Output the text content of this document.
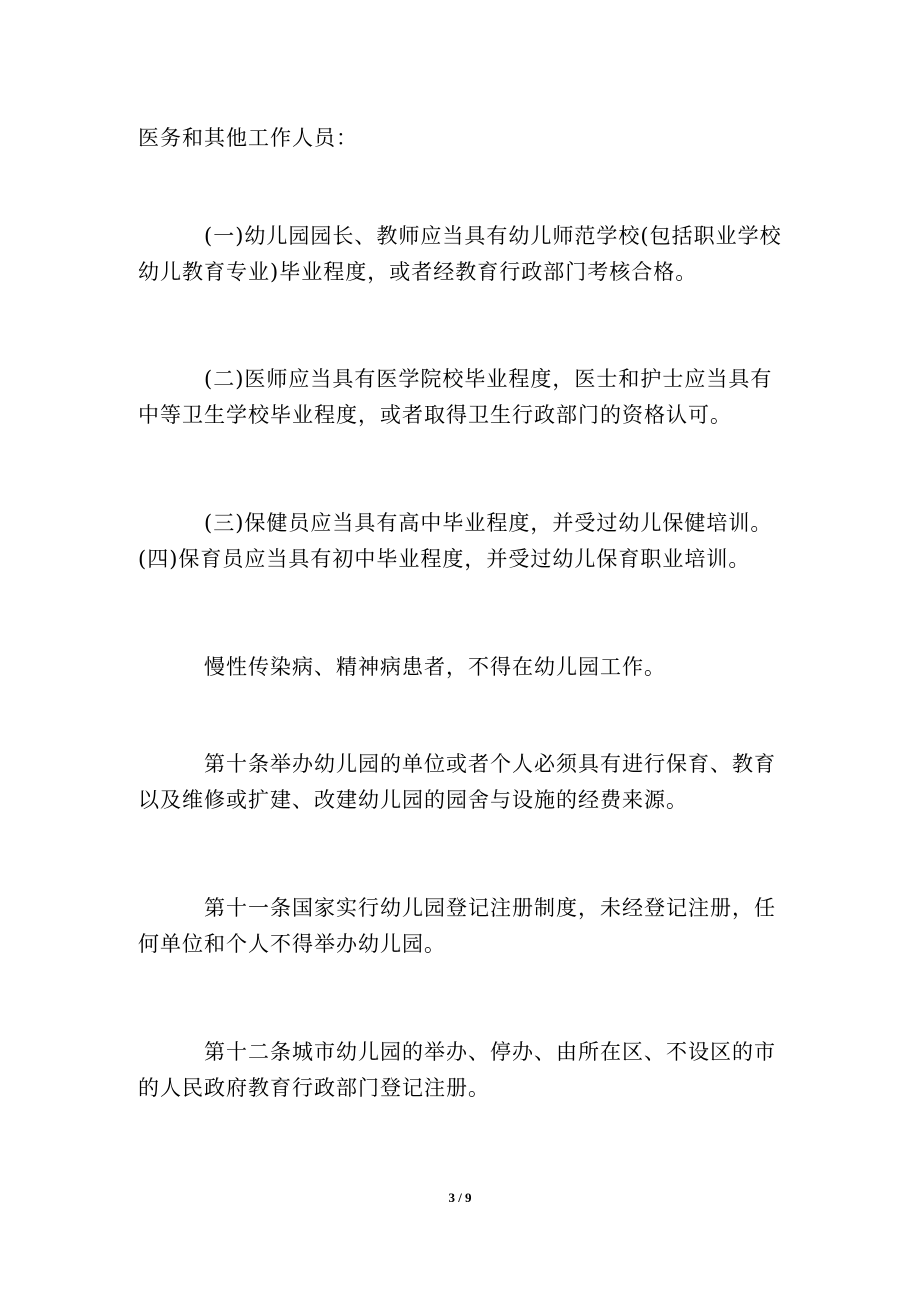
医务和其他工作人员：

(一)幼儿园园长、教师应当具有幼儿师范学校(包括职业学校幼儿教育专业)毕业程度，或者经教育行政部门考核合格。

(二)医师应当具有医学院校毕业程度，医士和护士应当具有中等卫生学校毕业程度，或者取得卫生行政部门的资格认可。

(三)保健员应当具有高中毕业程度，并受过幼儿保健培训。(四)保育员应当具有初中毕业程度，并受过幼儿保育职业培训。

慢性传染病、精神病患者，不得在幼儿园工作。

第十条举办幼儿园的单位或者个人必须具有进行保育、教育以及维修或扩建、改建幼儿园的园舍与设施的经费来源。

第十一条国家实行幼儿园登记注册制度，未经登记注册，任何单位和个人不得举办幼儿园。

第十二条城市幼儿园的举办、停办、由所在区、不设区的市的人民政府教育行政部门登记注册。

3 / 9
